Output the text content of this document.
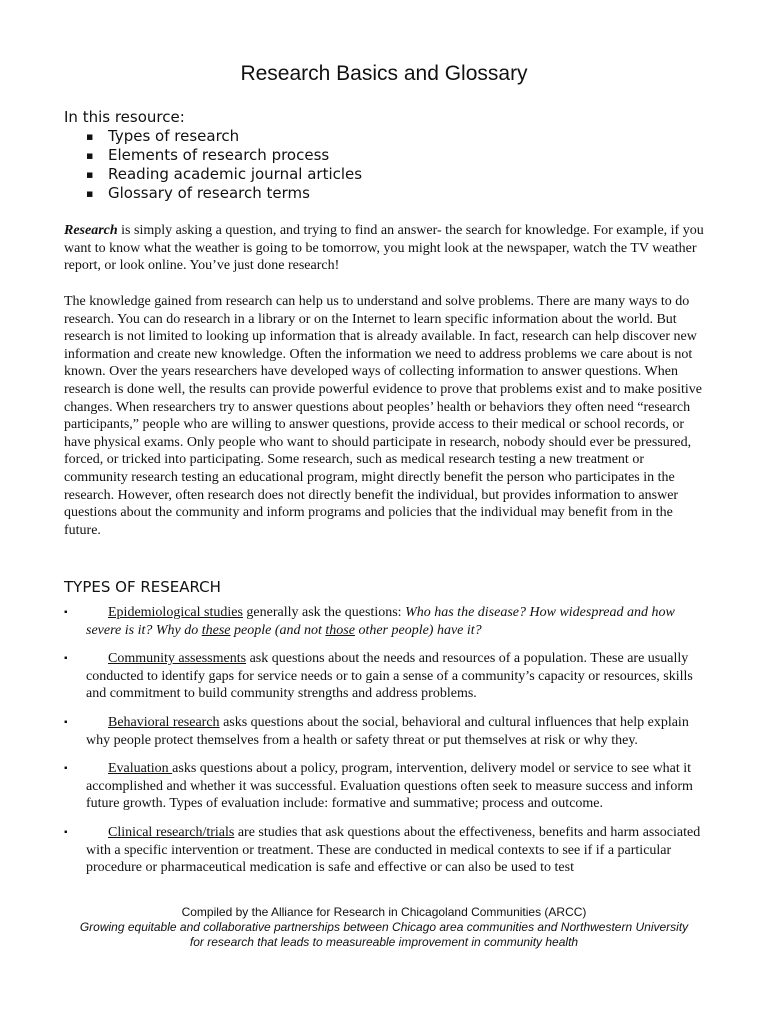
Research Basics and Glossary

In this resource:

▪ Types of research
▪ Elements of research process
▪ Reading academic journal articles
▪ Glossary of research terms

Research is simply asking a question, and trying to find an answer- the search for knowledge. For example, if you want to know what the weather is going to be tomorrow, you might look at the newspaper, watch the TV weather report, or look online. You’ve just done research!

The knowledge gained from research can help us to understand and solve problems. There are many ways to do research. You can do research in a library or on the Internet to learn specific information about the world. But research is not limited to looking up information that is already available. In fact, research can help discover new information and create new knowledge. Often the information we need to address problems we care about is not known. Over the years researchers have developed ways of collecting information to answer questions. When research is done well, the results can provide powerful evidence to prove that problems exist and to make positive changes. When researchers try to answer questions about peoples’ health or behaviors they often need “research participants,” people who are willing to answer questions, provide access to their medical or school records, or have physical exams. Only people who want to should participate in research, nobody should ever be pressured, forced, or tricked into participating. Some research, such as medical research testing a new treatment or community research testing an educational program, might directly benefit the person who participates in the research. However, often research does not directly benefit the individual, but provides information to answer questions about the community and inform programs and policies that the individual may benefit from in the future.

TYPES OF RESEARCH
▪	Epidemiological studies generally ask the questions: Who has the disease? How widespread and how severe is it? Why do these people (and not those other people) have it?
▪	Community assessments ask questions about the needs and resources of a population. These are usually conducted to identify gaps for service needs or to gain a sense of a community’s capacity or resources, skills and commitment to build community strengths and address problems.
▪	Behavioral research asks questions about the social, behavioral and cultural influences that help explain why people protect themselves from a health or safety threat or put themselves at risk or why they.
▪	Evaluation asks questions about a policy, program, intervention, delivery model or service to see what it accomplished and whether it was successful. Evaluation questions often seek to measure success and inform future growth. Types of evaluation include: formative and summative; process and outcome.
▪	Clinical research/trials are studies that ask questions about the effectiveness, benefits and harm associated with a specific intervention or treatment. These are conducted in medical contexts to see if if a particular procedure or pharmaceutical medication is safe and effective or can also be used to test
Compiled by the Alliance for Research in Chicagoland Communities (ARCC)
Growing equitable and collaborative partnerships between Chicago area communities and Northwestern University
for research that leads to measureable improvement in community health
